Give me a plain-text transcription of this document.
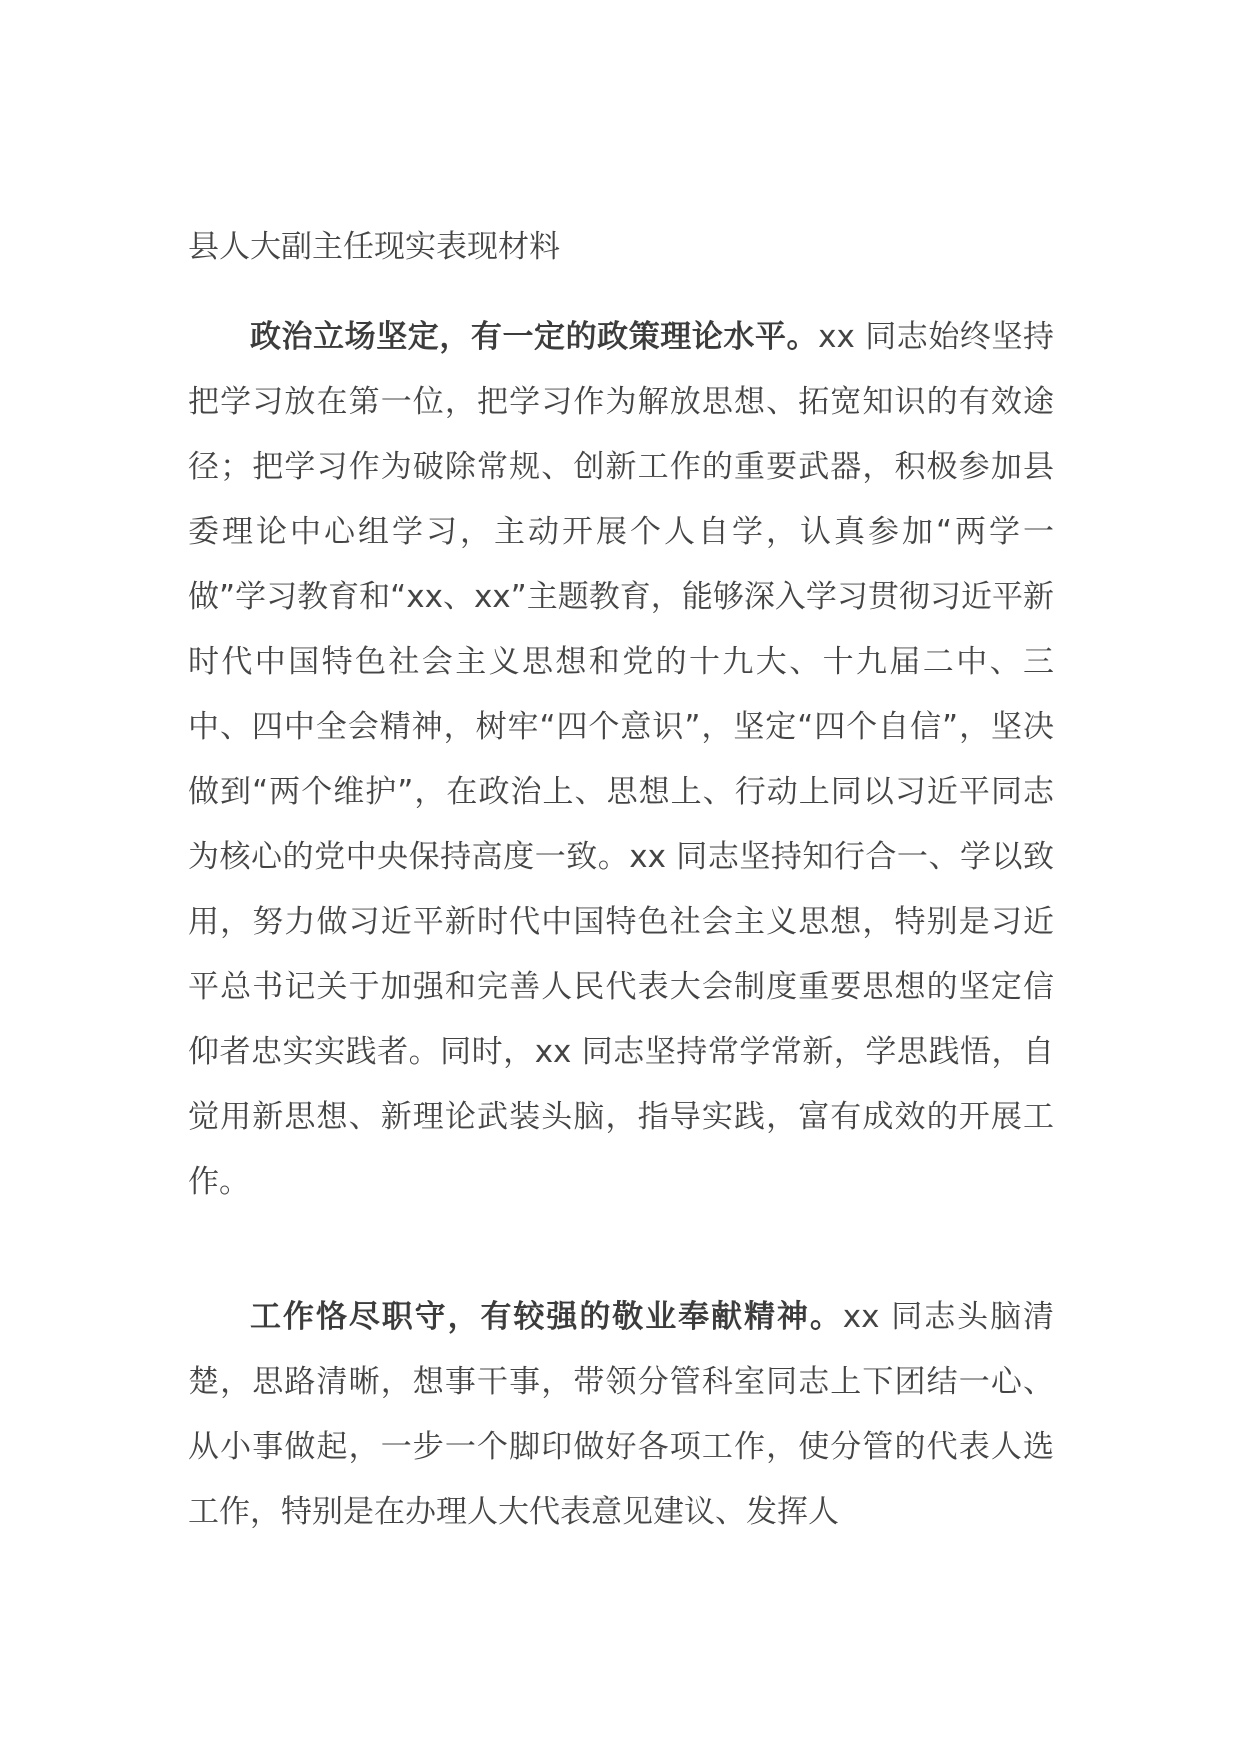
县人大副主任现实表现材料

政治立场坚定，有一定的政策理论水平。xx 同志始终坚持把学习放在第一位，把学习作为解放思想、拓宽知识的有效途径；把学习作为破除常规、创新工作的重要武器，积极参加县委理论中心组学习，主动开展个人自学，认真参加“两学一做”学习教育和“xx、xx”主题教育，能够深入学习贯彻习近平新时代中国特色社会主义思想和党的十九大、十九届二中、三中、四中全会精神，树牢“四个意识”，坚定“四个自信”，坚决做到“两个维护”，在政治上、思想上、行动上同以习近平同志为核心的党中央保持高度一致。xx 同志坚持知行合一、学以致用，努力做习近平新时代中国特色社会主义思想，特别是习近平总书记关于加强和完善人民代表大会制度重要思想的坚定信仰者忠实实践者。同时，xx 同志坚持常学常新，学思践悟，自觉用新思想、新理论武装头脑，指导实践，富有成效的开展工作。

工作恪尽职守，有较强的敬业奉献精神。xx 同志头脑清楚，思路清晰，想事干事，带领分管科室同志上下团结一心、从小事做起，一步一个脚印做好各项工作，使分管的代表人选工作，特别是在办理人大代表意见建议、发挥人
